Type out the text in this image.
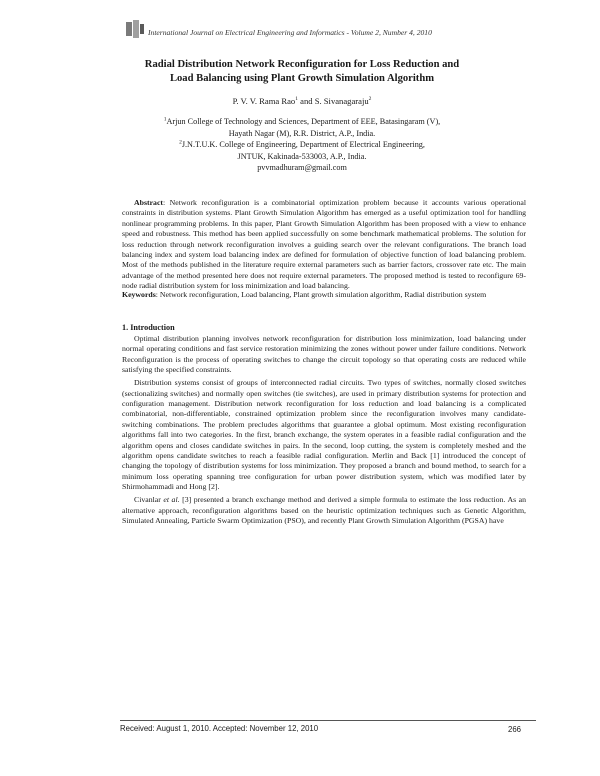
International Journal on Electrical Engineering and Informatics - Volume 2, Number 4, 2010
Radial Distribution Network Reconfiguration for Loss Reduction and
Load Balancing using Plant Growth Simulation Algorithm
P. V. V. Rama Rao$^1$ and S. Sivanagaraju$^2$

$^1$Arjun College of Technology and Sciences, Department of EEE, Batasingaram (V),

Hayath Nagar (M), R.R. District, A.P., India.

$^2$J.N.T.U.K. College of Engineering, Department of Electrical Engineering,

JNTUK, Kakinada-533003, A.P., India.

pvvmadhuram@gmail.com

Abstract: Network reconfiguration is a combinatorial optimization problem because it accounts various operational constraints in distribution systems. Plant Growth Simulation Algorithm has emerged as a useful optimization tool for handling nonlinear programming problems. In this paper, Plant Growth Simulation Algorithm has been proposed with a view to enhance speed and robustness. This method has been applied successfully on some benchmark mathematical problems. The solution for loss reduction through network reconfiguration involves a guiding search over the relevant configurations. The branch load balancing index and system load balancing index are defined for formulation of objective function of load balancing problem. Most of the methods published in the literature require external parameters such as barrier factors, crossover rate etc. The main advantage of the method presented here does not require external parameters. The proposed method is tested to reconfigure 69-node radial distribution system for loss minimization and load balancing.

Keywords: Network reconfiguration, Load balancing, Plant growth simulation algorithm, Radial distribution system

1. Introduction

Optimal distribution planning involves network reconfiguration for distribution loss minimization, load balancing under normal operating conditions and fast service restoration minimizing the zones without power under failure conditions. Network Reconfiguration is the process of operating switches to change the circuit topology so that operating costs are reduced while satisfying the specified constraints.

Distribution systems consist of groups of interconnected radial circuits. Two types of switches, normally closed switches (sectionalizing switches) and normally open switches (tie switches), are used in primary distribution systems for protection and configuration management. Distribution network reconfiguration for loss reduction and load balancing is a complicated combinatorial, non-differentiable, constrained optimization problem since the reconfiguration involves many candidate-switching combinations. The problem precludes algorithms that guarantee a global optimum. Most existing reconfiguration algorithms fall into two categories. In the first, branch exchange, the system operates in a feasible radial configuration and the algorithm opens and closes candidate switches in pairs. In the second, loop cutting, the system is completely meshed and the algorithm opens candidate switches to reach a feasible radial configuration. Merlin and Back [1] introduced the concept of changing the topology of distribution systems for loss minimization. They proposed a branch and bound method, to search for a minimum loss operating spanning tree configuration for urban power distribution system, which was modified later by Shirmohammadi and Hong [2].

Civanlar et al. [3] presented a branch exchange method and derived a simple formula to estimate the loss reduction. As an alternative approach, reconfiguration algorithms based on the heuristic optimization techniques such as Genetic Algorithm, Simulated Annealing, Particle Swarm Optimization (PSO), and recently Plant Growth Simulation Algorithm (PGSA) have

Received: August 1, 2010. Accepted: November 12, 2010	266
